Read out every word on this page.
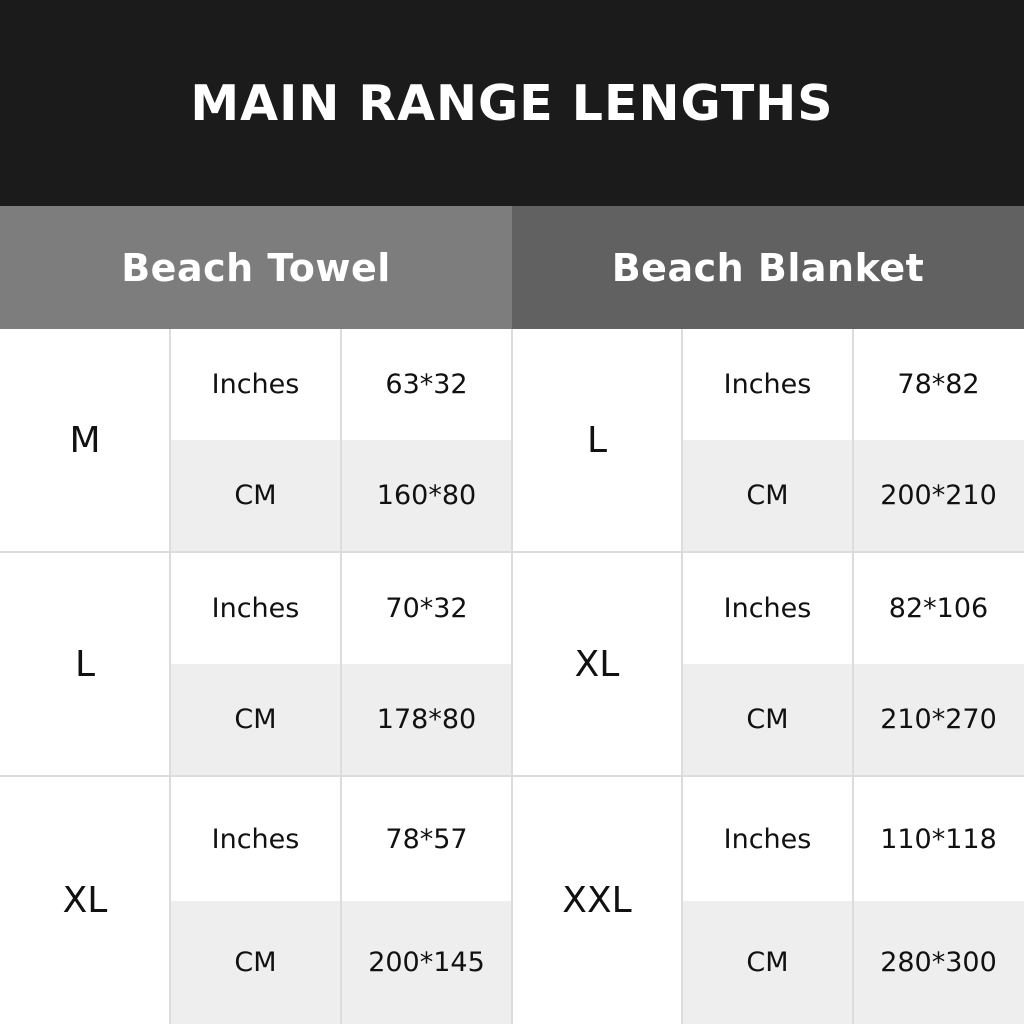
MAIN RANGE LENGTHS
Beach Towel	Beach Blanket
M
Inches	63*32
CM	160*80
L
Inches	70*32
CM	178*80
XL
Inches	78*57
CM	200*145
L
Inches	78*82
CM	200*210
XL
Inches	82*106
CM	210*270
XXL
Inches	110*118
CM	280*300
